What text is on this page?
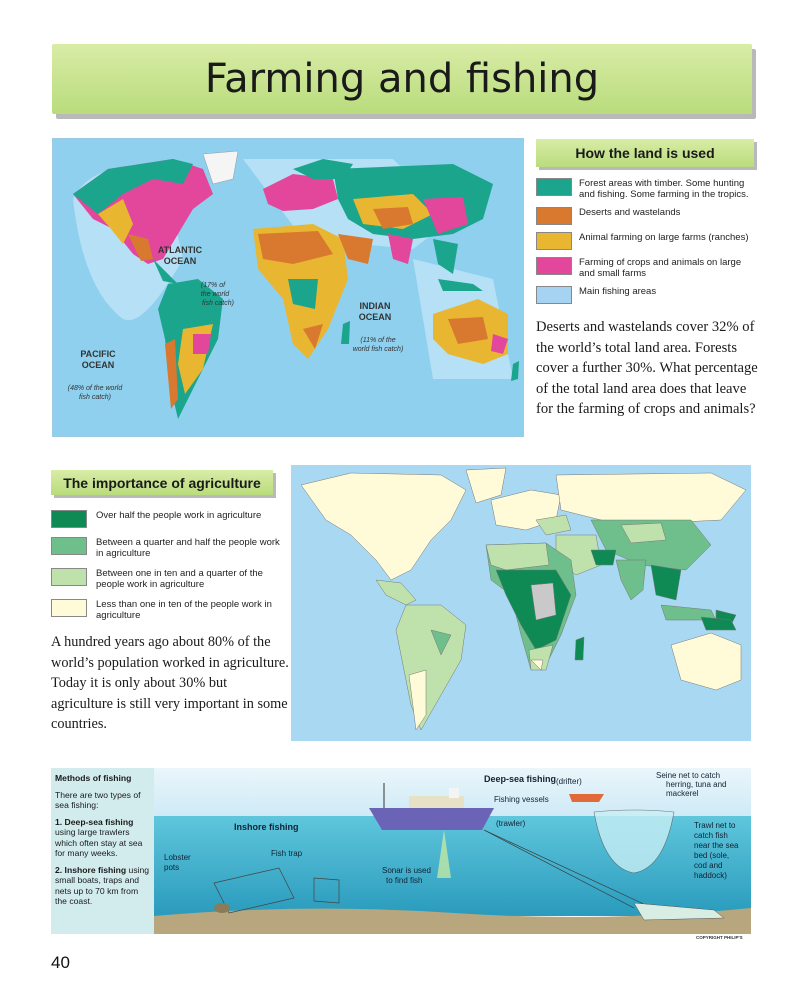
Farming and fishing
ATLANTIC
OCEAN
(17% of
the world
fish catch)	INDIAN
OCEAN
(11% of the
world fish catch)
PACIFIC
OCEAN
(48% of the world
fish catch)
How the land is used
Forest areas with timber. Some hunting and fishing. Some farming in the tropics.
Deserts and wastelands
Animal farming on large farms (ranches)
Farming of crops and animals on large and small farms
Main fishing areas
Deserts and wastelands cover 32% of the world’s total land area. Forests cover a further 30%. What percentage of the total land area does that leave for the farming of crops and animals?
The importance of agriculture
Over half the people work in agriculture
Between a quarter and half the people work in agriculture
Between one in ten and a quarter of the people work in agriculture
Less than one in ten of the people work in agriculture
A hundred years ago about 80% of the world’s population worked in agriculture. Today it is only about 30% but agriculture is still very important in some countries.
Methods of fishing

There are two types of sea fishing:

1. Deep-sea fishing using large trawlers which often stay at sea for many weeks.

2. Inshore fishing using small boats, traps and nets up to 70 km from the coast.

Deep-sea fishing (drifter)
Fishing vessels
(trawler)
Seine net to catch
herring, tuna and
mackerel
Trawl net to
catch fish
near the sea
bed (sole,
cod and
haddock)
Inshore fishing
Fish trap
Lobster
pots	Sonar is used
to find fish
COPYRIGHT PHILIP'S
40
